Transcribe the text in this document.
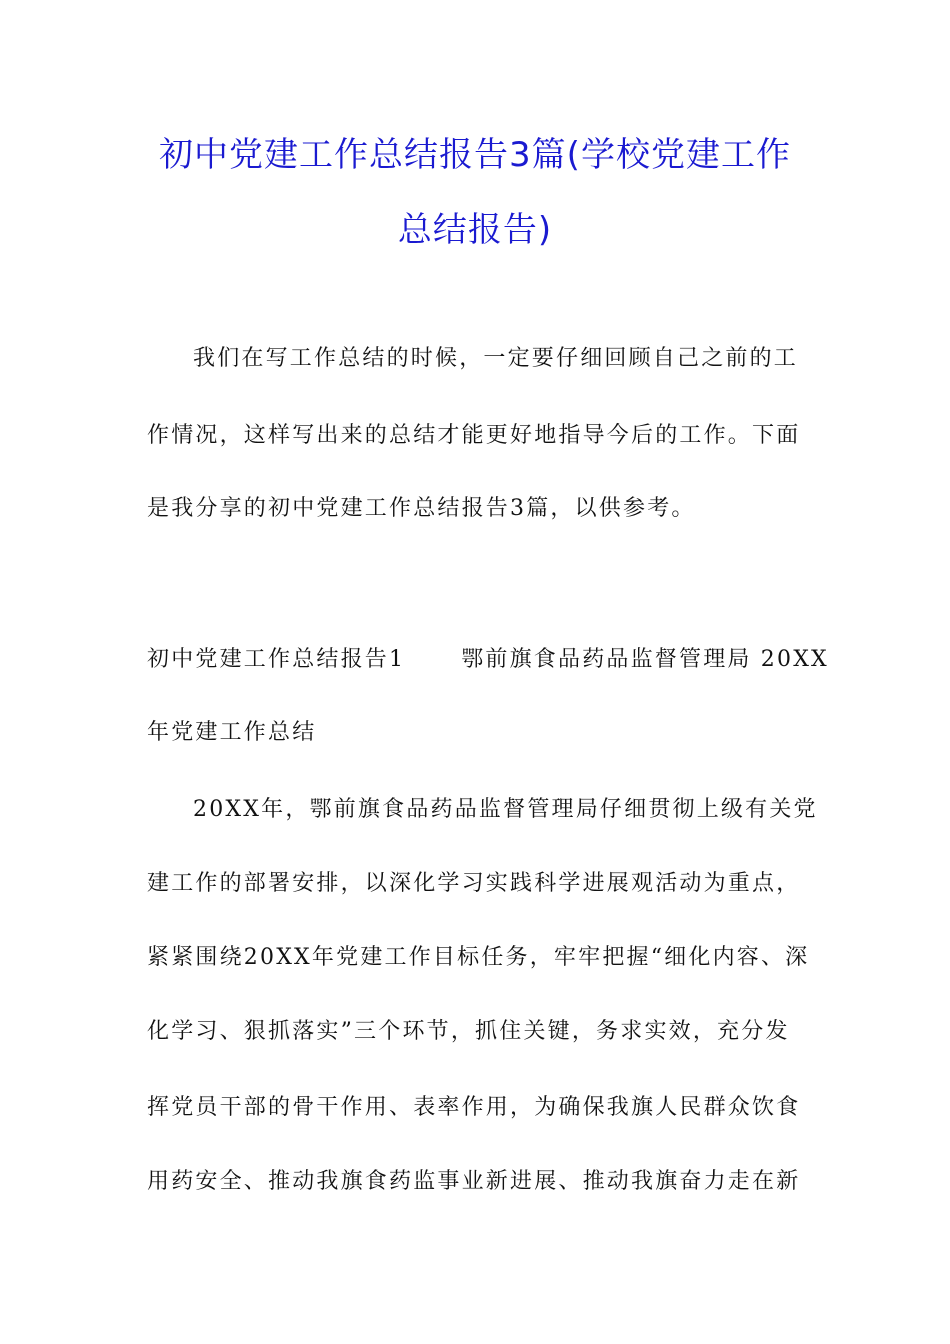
初中党建工作总结报告3篇(学校党建工作
总结报告)
我们在写工作总结的时候，一定要仔细回顾自己之前的工
作情况，这样写出来的总结才能更好地指导今后的工作。下面
是我分享的初中党建工作总结报告3篇，以供参考。
初中党建工作总结报告1	鄂前旗食品药品监督管理局 20XX
年党建工作总结
20XX年，鄂前旗食品药品监督管理局仔细贯彻上级有关党
建工作的部署安排，以深化学习实践科学进展观活动为重点，
紧紧围绕20XX年党建工作目标任务，牢牢把握“细化内容、深
化学习、狠抓落实”三个环节，抓住关键，务求实效，充分发
挥党员干部的骨干作用、表率作用，为确保我旗人民群众饮食
用药安全、推动我旗食药监事业新进展、推动我旗奋力走在新
